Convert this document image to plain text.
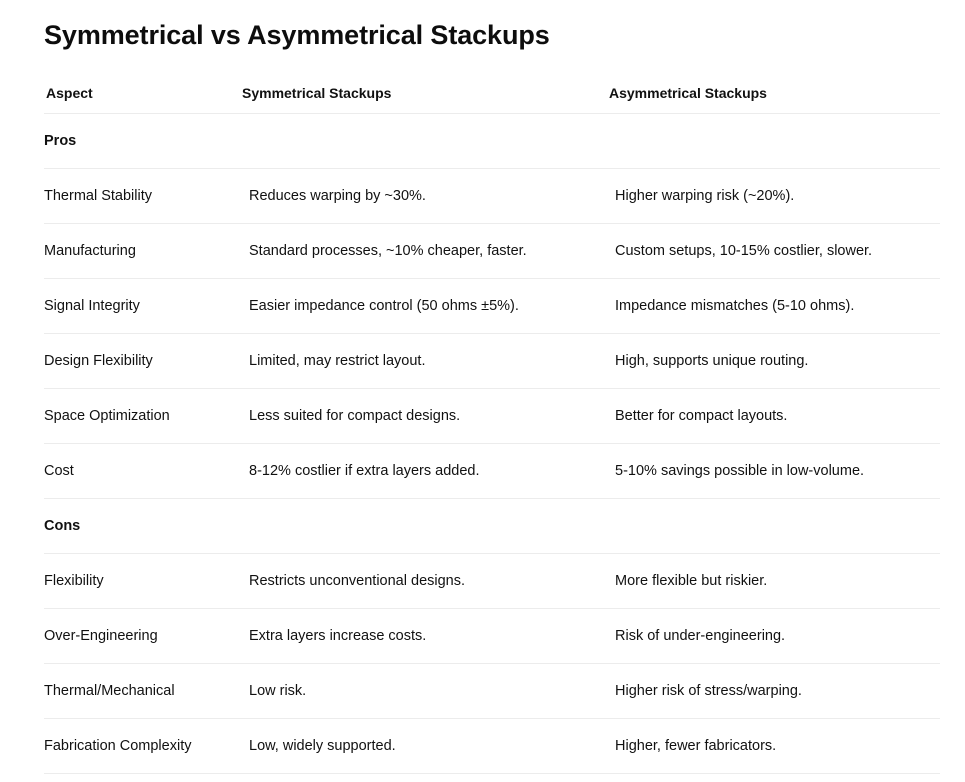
Symmetrical vs Asymmetrical Stackups
Aspect	Symmetrical Stackups	Asymmetrical Stackups
Pros
Thermal Stability	Reduces warping by ~30%.	Higher warping risk (~20%).
Manufacturing	Standard processes, ~10% cheaper, faster.	Custom setups, 10-15% costlier, slower.
Signal Integrity	Easier impedance control (50 ohms ±5%).	Impedance mismatches (5-10 ohms).
Design Flexibility	Limited, may restrict layout.	High, supports unique routing.
Space Optimization	Less suited for compact designs.	Better for compact layouts.
Cost	8-12% costlier if extra layers added.	5-10% savings possible in low-volume.
Cons
Flexibility	Restricts unconventional designs.	More flexible but riskier.
Over-Engineering	Extra layers increase costs.	Risk of under-engineering.
Thermal/Mechanical	Low risk.	Higher risk of stress/warping.
Fabrication Complexity	Low, widely supported.	Higher, fewer fabricators.
